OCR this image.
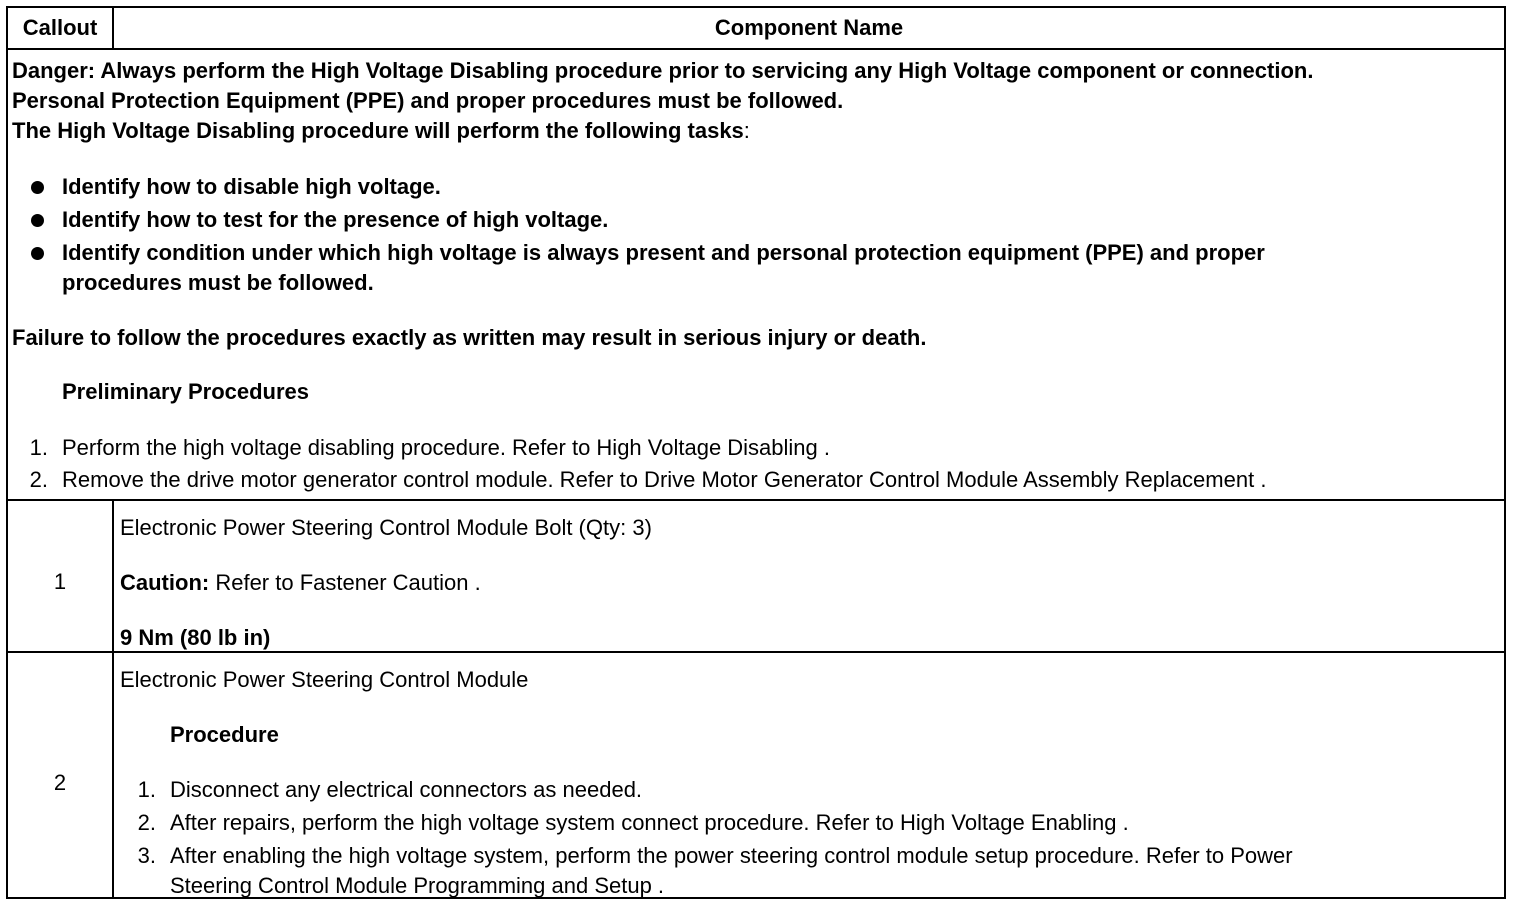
Callout	Component Name
Danger: Always perform the High Voltage Disabling procedure prior to servicing any High Voltage component or connection.
Personal Protection Equipment (PPE) and proper procedures must be followed.
The High Voltage Disabling procedure will perform the following tasks:
Identify how to disable high voltage.
Identify how to test for the presence of high voltage.
Identify condition under which high voltage is always present and personal protection equipment (PPE) and proper
procedures must be followed.
Failure to follow the procedures exactly as written may result in serious injury or death.
Preliminary Procedures
1. Perform the high voltage disabling procedure. Refer to High Voltage Disabling .
2. Remove the drive motor generator control module. Refer to Drive Motor Generator Control Module Assembly Replacement .
1
Electronic Power Steering Control Module Bolt (Qty: 3)
Caution: Refer to Fastener Caution .
9 Nm (80 lb in)
2
Electronic Power Steering Control Module
Procedure
1. Disconnect any electrical connectors as needed.
2. After repairs, perform the high voltage system connect procedure. Refer to High Voltage Enabling .
3. After enabling the high voltage system, perform the power steering control module setup procedure. Refer to Power
Steering Control Module Programming and Setup .
